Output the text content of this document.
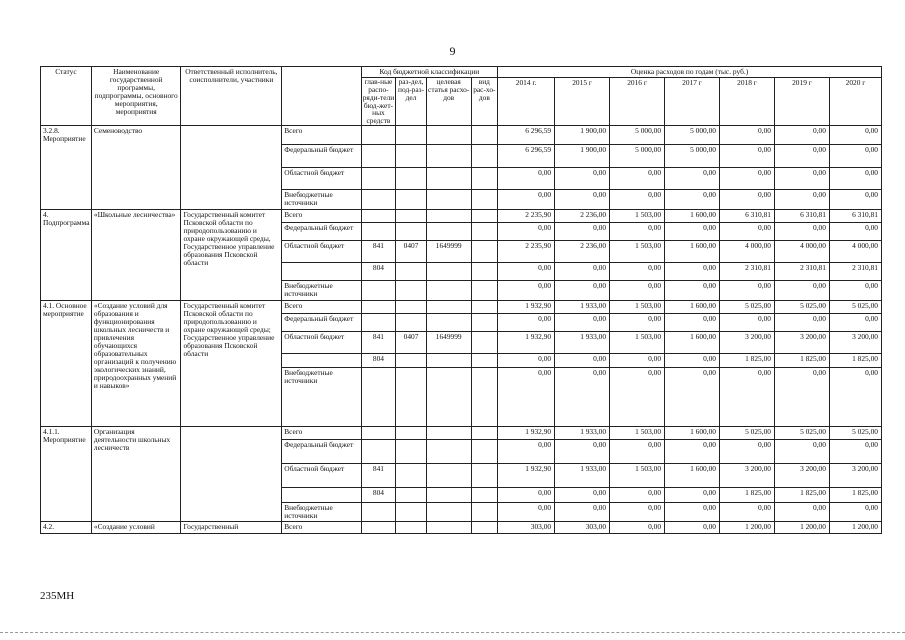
9
Статус	Наименование государственной программы, подпрограммы, основного мероприятия, мероприятия	Ответственный исполнитель, соисполнители, участники		Код бюджетной классификации				Оценка расходов по годам (тыс. руб.)						
				глав-ные распо-ряди-тели бюд-жет-ных средств	раз-дел, под-раз-дел	целевая статья расхо-дов	вид рас-хо-дов	2014 г.	2015 г	2016 г	2017 г	2018 г	2019 г	2020 г
3.2.8. Мероприятие	Семеноводство		Всего					6 296,59	1 900,00	5 000,00	5 000,00	0,00	0,00	0,00
			Федеральный бюджет					6 296,59	1 900,00	5 000,00	5 000,00	0,00	0,00	0,00
			Областной бюджет					0,00	0,00	0,00	0,00	0,00	0,00	0,00
			Внебюджетные источники					0,00	0,00	0,00	0,00	0,00	0,00	0,00
4. Подпрограмма	«Школьные лесничества»	Государственный комитет Псковской области по природопользованию и охране окружающей среды, Государственное управление образования Псковской области	Всего					2 235,90	2 236,00	1 503,00	1 600,00	6 310,81	6 310,81	6 310,81
			Федеральный бюджет					0,00	0,00	0,00	0,00	0,00	0,00	0,00
			Областной бюджет	841	0407	1649999		2 235,90	2 236,00	1 503,00	1 600,00	4 000,00	4 000,00	4 000,00
				804				0,00	0,00	0,00	0,00	2 310,81	2 310,81	2 310,81
			Внебюджетные источники					0,00	0,00	0,00	0,00	0,00	0,00	0,00
4.1. Основное мероприятие	«Создание условий для образования и функционирования школьных лесничеств и привлечения обучающихся образовательных организаций к получению экологических знаний, природоохранных умений и навыков»	Государственный комитет Псковской области по природопользованию и охране окружающей среды; Государственное управление образования Псковской области	Всего					1 932,90	1 933,00	1 503,00	1 600,00	5 025,00	5 025,00	5 025,00
			Федеральный бюджет					0,00	0,00	0,00	0,00	0,00	0,00	0,00
			Областной бюджет	841	0407	1649999		1 932,90	1 933,00	1 503,00	1 600,00	3 200,00	3 200,00	3 200,00
				804				0,00	0,00	0,00	0,00	1 825,00	1 825,00	1 825,00
			Внебюджетные источники					0,00	0,00	0,00	0,00	0,00	0,00	0,00
4.1.1. Мероприятие	Организация деятельности школьных лесничеств		Всего					1 932,90	1 933,00	1 503,00	1 600,00	5 025,00	5 025,00	5 025,00
			Федеральный бюджет					0,00	0,00	0,00	0,00	0,00	0,00	0,00
			Областной бюджет	841				1 932,90	1 933,00	1 503,00	1 600,00	3 200,00	3 200,00	3 200,00
				804				0,00	0,00	0,00	0,00	1 825,00	1 825,00	1 825,00
			Внебюджетные источники					0,00	0,00	0,00	0,00	0,00	0,00	0,00
4.2.	«Создание условий	Государственный	Всего					303,00	303,00	0,00	0,00	1 200,00	1 200,00	1 200,00
235МН
